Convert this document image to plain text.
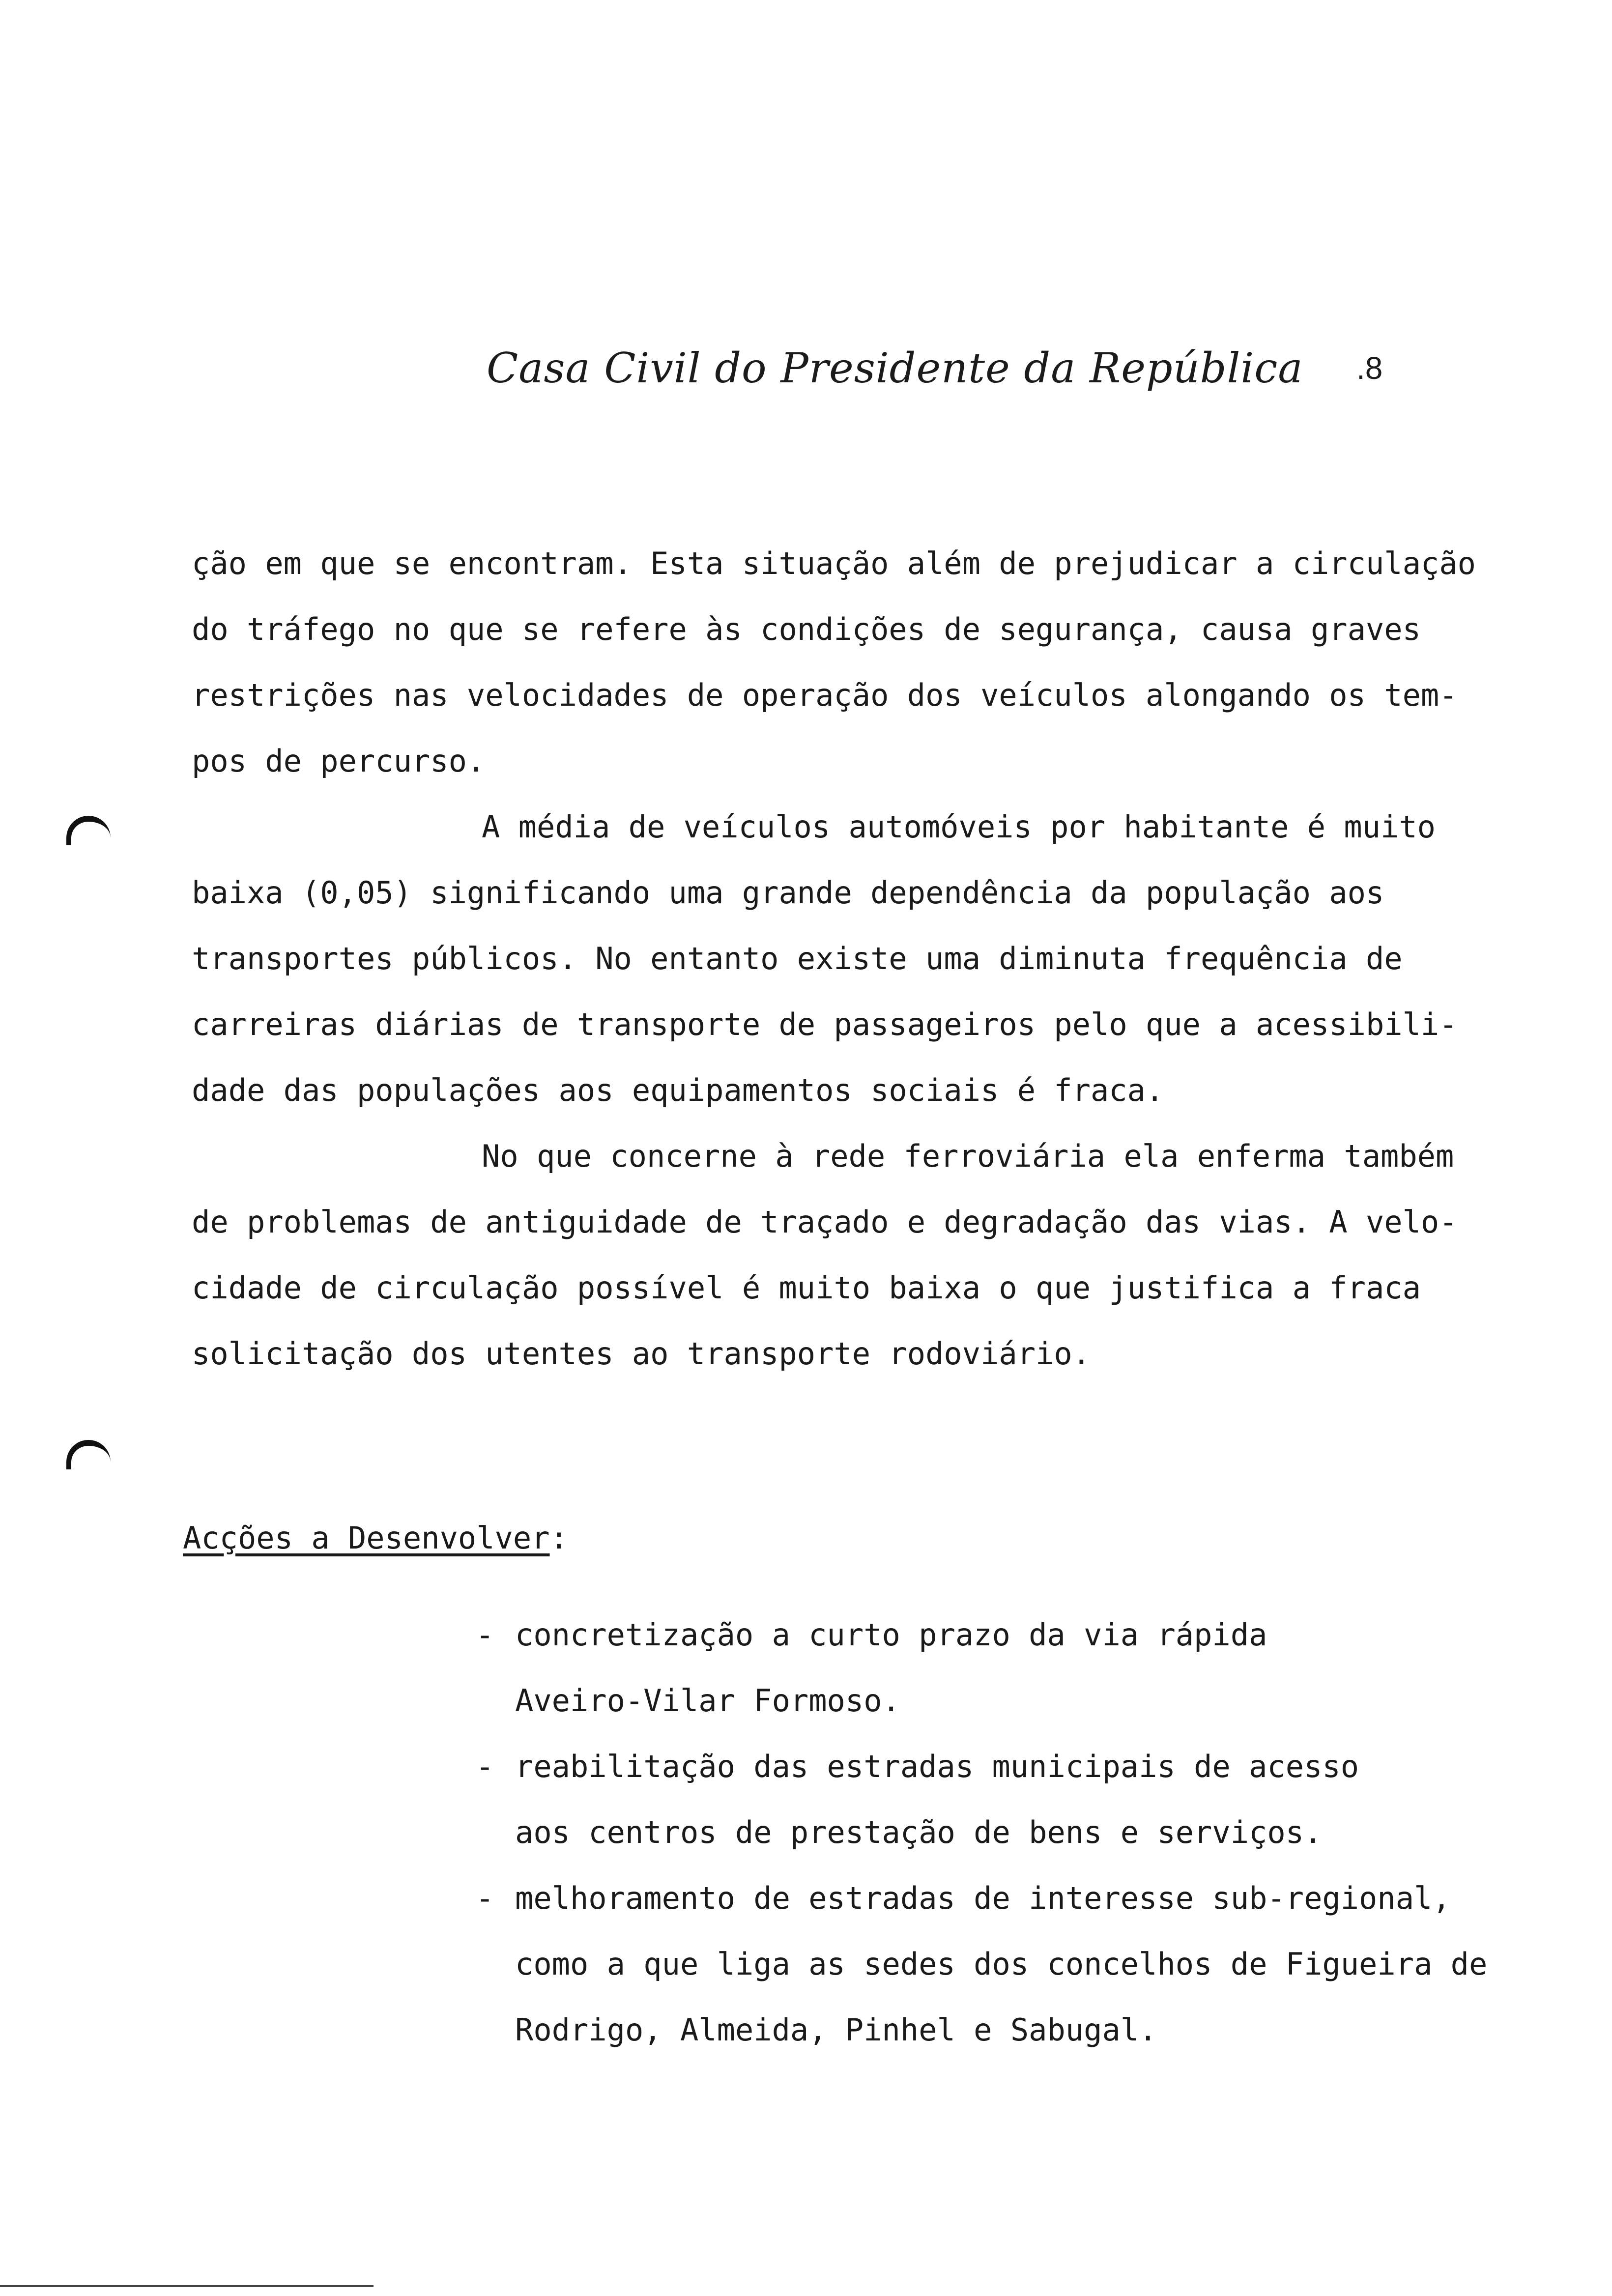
Casa Civil do Presidente da República .8
ção em que se encontram. Esta situação além de prejudicar a circulação
do tráfego no que se refere às condições de segurança, causa graves
restrições nas velocidades de operação dos veículos alongando os tem-
pos de percurso.
A média de veículos automóveis por habitante é muito
baixa (0,05) significando uma grande dependência da população aos
transportes públicos. No entanto existe uma diminuta frequência de
carreiras diárias de transporte de passageiros pelo que a acessibili-
dade das populações aos equipamentos sociais é fraca.
No que concerne à rede ferroviária ela enferma também
de problemas de antiguidade de traçado e degradação das vias. A velo-
cidade de circulação possível é muito baixa o que justifica a fraca
solicitação dos utentes ao transporte rodoviário.
Acções a Desenvolver:
- concretização a curto prazo da via rápida
Aveiro-Vilar Formoso.
- reabilitação das estradas municipais de acesso
aos centros de prestação de bens e serviços.
- melhoramento de estradas de interesse sub-regional,
como a que liga as sedes dos concelhos de Figueira de
Rodrigo, Almeida, Pinhel e Sabugal.
